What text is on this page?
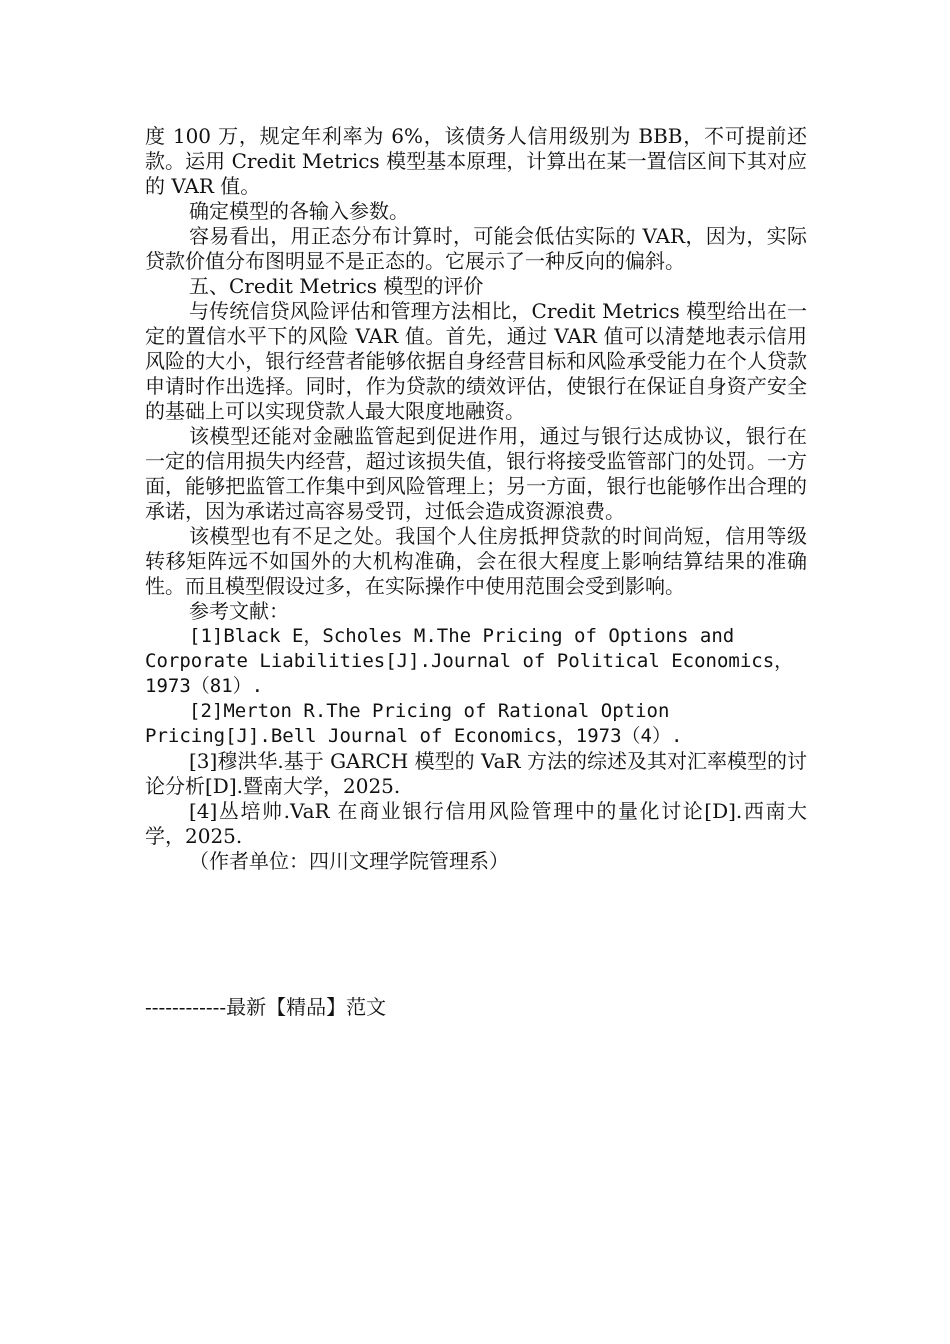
度 100 万，规定年利率为 6%，该债务人信用级别为 BBB，不可提前还款。运用 Credit Metrics 模型基本原理，计算出在某一置信区间下其对应的 VAR 值。

确定模型的各输入参数。

容易看出，用正态分布计算时，可能会低估实际的 VAR，因为，实际贷款价值分布图明显不是正态的。它展示了一种反向的偏斜。

五、Credit Metrics 模型的评价

与传统信贷风险评估和管理方法相比，Credit Metrics 模型给出在一定的置信水平下的风险 VAR 值。首先，通过 VAR 值可以清楚地表示信用风险的大小，银行经营者能够依据自身经营目标和风险承受能力在个人贷款申请时作出选择。同时，作为贷款的绩效评估，使银行在保证自身资产安全的基础上可以实现贷款人最大限度地融资。

该模型还能对金融监管起到促进作用，通过与银行达成协议，银行在一定的信用损失内经营，超过该损失值，银行将接受监管部门的处罚。一方面，能够把监管工作集中到风险管理上；另一方面，银行也能够作出合理的承诺，因为承诺过高容易受罚，过低会造成资源浪费。

该模型也有不足之处。我国个人住房抵押贷款的时间尚短，信用等级转移矩阵远不如国外的大机构准确，会在很大程度上影响结算结果的准确性。而且模型假设过多，在实际操作中使用范围会受到影响。

参考文献：

[1]Black E，Scholes M.The Pricing of Options and Corporate Liabilities[J].Journal of Political Economics，1973（81）.

[2]Merton R.The Pricing of Rational Option Pricing[J].Bell Journal of Economics，1973（4）.

[3]穆洪华.基于 GARCH 模型的 VaR 方法的综述及其对汇率模型的讨论分析[D].暨南大学，2025.

[4]丛培帅.VaR 在商业银行信用风险管理中的量化讨论[D].西南大学，2025.

（作者单位：四川文理学院管理系）

------------最新【精品】范文
